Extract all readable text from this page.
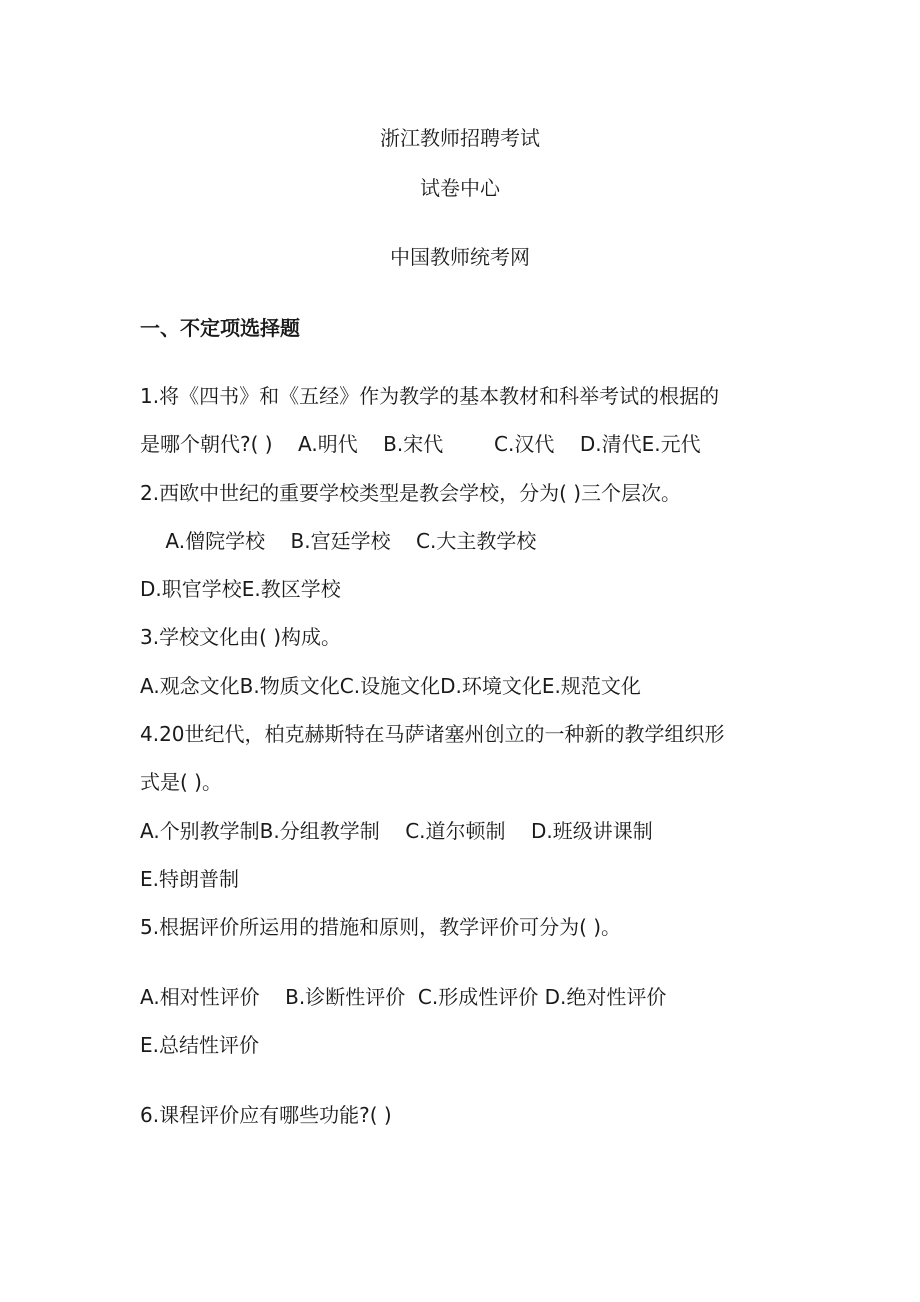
浙江教师招聘考试
试卷中心
中国教师统考网
一、不定项选择题
1.将《四书》和《五经》作为教学的基本教材和科举考试的根据的
是哪个朝代?( )    A.明代    B.宋代        C.汉代    D.清代E.元代
2.西欧中世纪的重要学校类型是教会学校，分为( )三个层次。
A.僧院学校    B.宫廷学校    C.大主教学校
D.职官学校E.教区学校
3.学校文化由( )构成。
A.观念文化B.物质文化C.设施文化D.环境文化E.规范文化
4.20世纪代，柏克赫斯特在马萨诸塞州创立的一种新的教学组织形
式是( )。
A.个别教学制B.分组教学制    C.道尔顿制    D.班级讲课制
E.特朗普制
5.根据评价所运用的措施和原则，教学评价可分为( )。
A.相对性评价    B.诊断性评价  C.形成性评价 D.绝对性评价
E.总结性评价
6.课程评价应有哪些功能?( )
